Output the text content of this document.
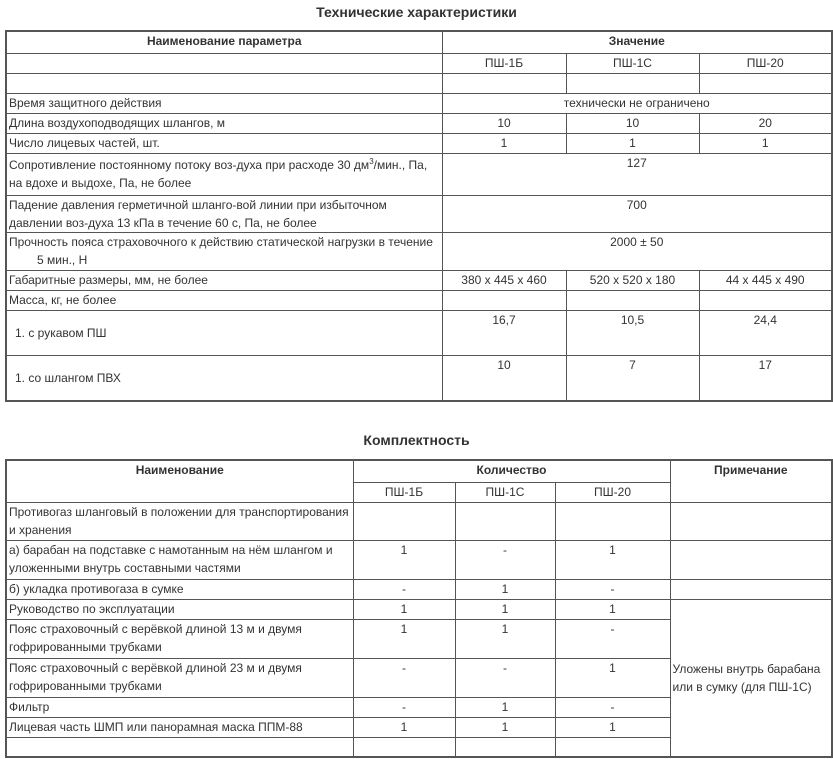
Технические характеристики
Наименование параметра	Значение		
	ПШ-1Б	ПШ-1С	ПШ-20

Время защитного действия	технически не ограничено		
Длина воздухоподводящих шлангов, м	10	10	20
Число лицевых частей, шт.	1	1	1
Сопротивление постоянному потоку воз-духа при расходе 30 $дм^3$/мин., Па, на вдохе и выдохе, Па, не более	127		
Падение давления герметичной шланго-вой линии при избыточном давлении воз-духа 13 кПа в течение 60 с, Па, не более	700		
Прочность пояса страховочного к действию статической нагрузки в течение5 мин., Н	2000 ± 50		
Габаритные размеры, мм, не более	380 x 445 x 460	520 x 520 x 180	44 x 445 x 490
Масса, кг, не более			
1. с рукавом ПШ	16,7	10,5	24,4
1. со шлангом ПВХ	10	7	17
Комплектность
Наименование	Количество			Примечание
	ПШ-1Б	ПШ-1С	ПШ-20	
Противогаз шланговый в положении для транспортирования и хранения				
а) барабан на подставке с намотанным на нём шлангом и уложенными внутрь составными частями	1	-	1	
б) укладка противогаза в сумке	-	1	-	
Руководство по эксплуатации	1	1	1	Уложены внутрь барабана или в сумку (для ПШ-1С)
Пояс страховочный с верёвкой длиной 13 м и двумя гофрированными трубками	1	1	-	
Пояс страховочный с верёвкой длиной 23 м и двумя гофрированными трубками	-	-	1	
Фильтр	-	1	-	
Лицевая часть ШМП или панорамная маска ППМ-88	1	1	1	
